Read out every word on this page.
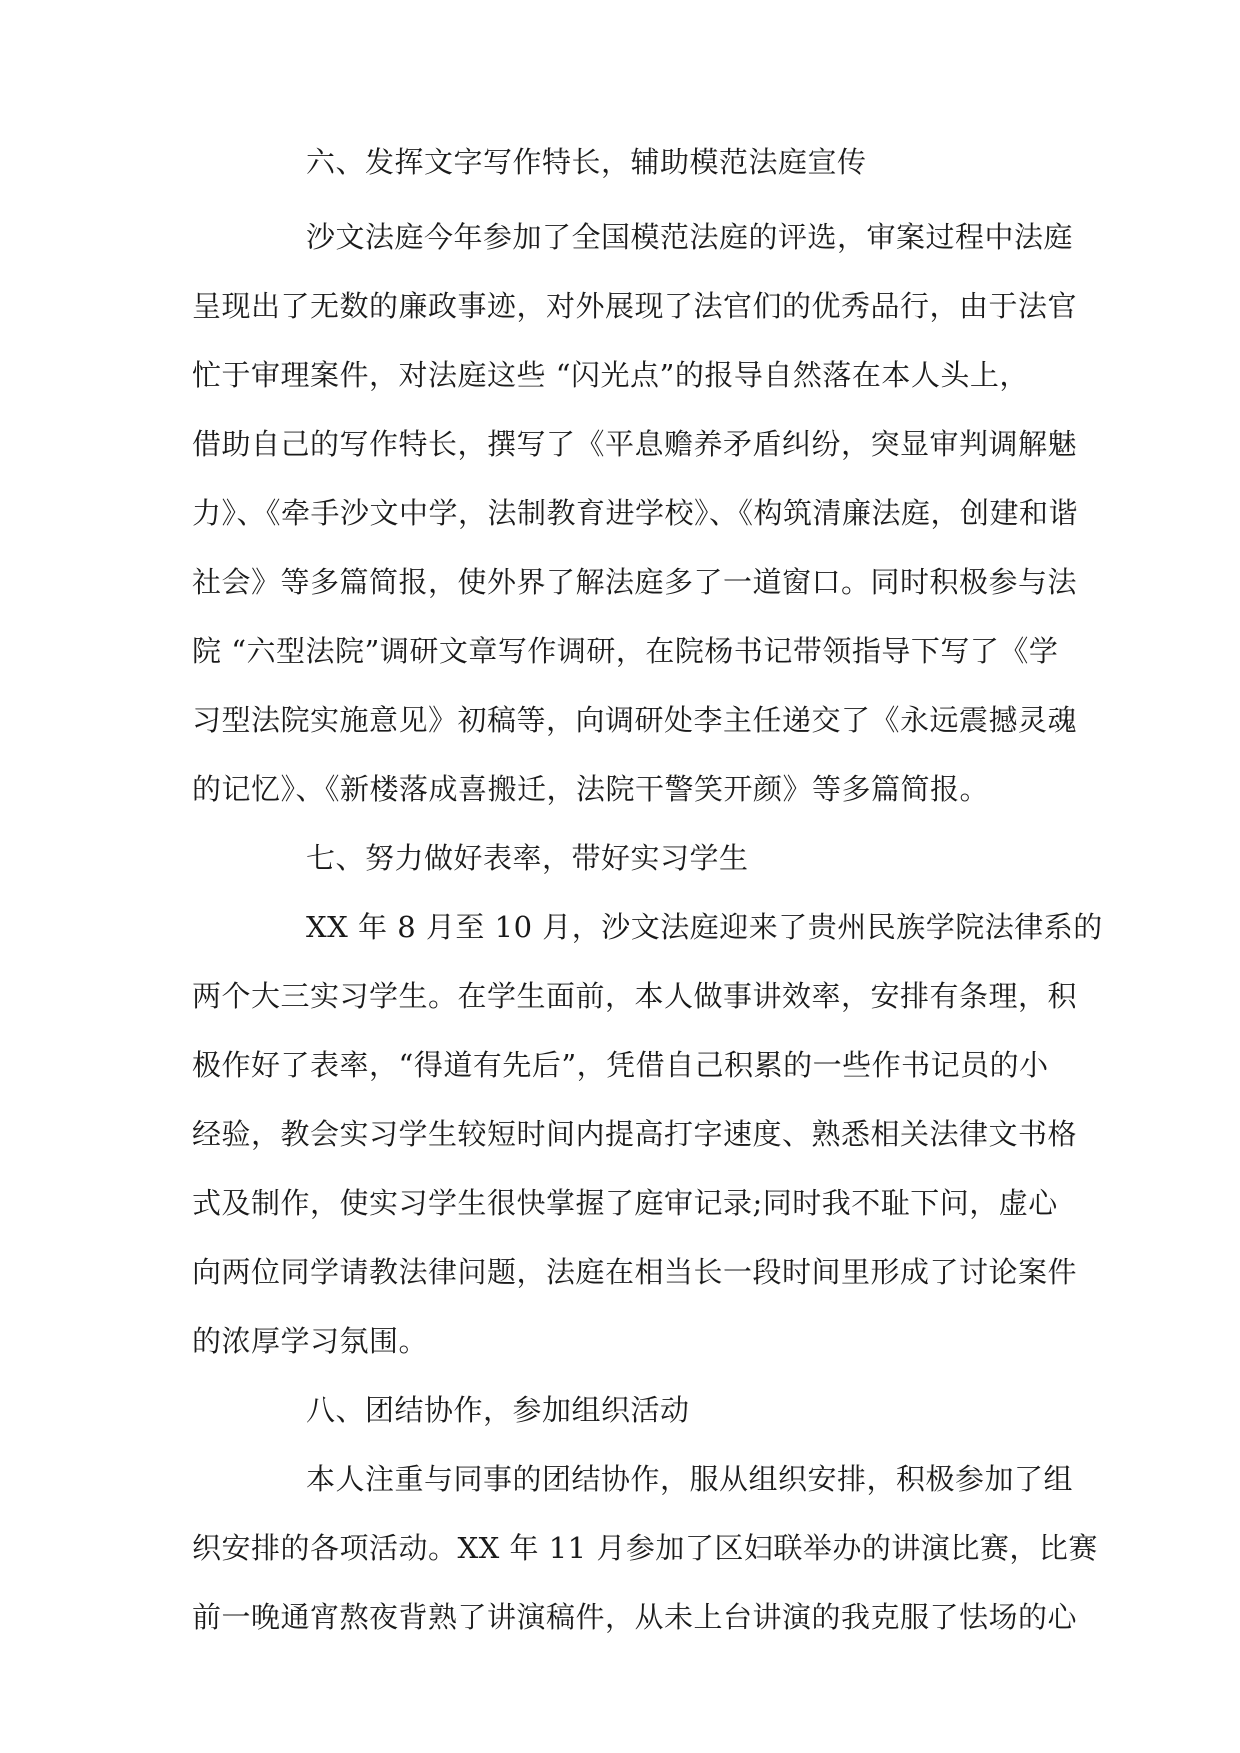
六、发挥文字写作特长，辅助模范法庭宣传
沙文法庭今年参加了全国模范法庭的评选，审案过程中法庭
呈现出了无数的廉政事迹，对外展现了法官们的优秀品行，由于法官
忙于审理案件，对法庭这些 “闪光点”的报导自然落在本人头上，
借助自己的写作特长，撰写了《平息赡养矛盾纠纷，突显审判调解魅
力》、《牵手沙文中学，法制教育进学校》、《构筑清廉法庭，创建和谐
社会》等多篇简报，使外界了解法庭多了一道窗口。同时积极参与法
院 “六型法院”调研文章写作调研，在院杨书记带领指导下写了《学
习型法院实施意见》初稿等，向调研处李主任递交了《永远震撼灵魂
的记忆》、《新楼落成喜搬迁，法院干警笑开颜》等多篇简报。
七、努力做好表率，带好实习学生
XX 年 8 月至 10 月，沙文法庭迎来了贵州民族学院法律系的
两个大三实习学生。在学生面前，本人做事讲效率，安排有条理，积
极作好了表率，“得道有先后”，凭借自己积累的一些作书记员的小
经验，教会实习学生较短时间内提高打字速度、熟悉相关法律文书格
式及制作，使实习学生很快掌握了庭审记录;同时我不耻下问，虚心
向两位同学请教法律问题，法庭在相当长一段时间里形成了讨论案件
的浓厚学习氛围。
八、团结协作，参加组织活动
本人注重与同事的团结协作，服从组织安排，积极参加了组
织安排的各项活动。XX 年 11 月参加了区妇联举办的讲演比赛，比赛
前一晚通宵熬夜背熟了讲演稿件，从未上台讲演的我克服了怯场的心
